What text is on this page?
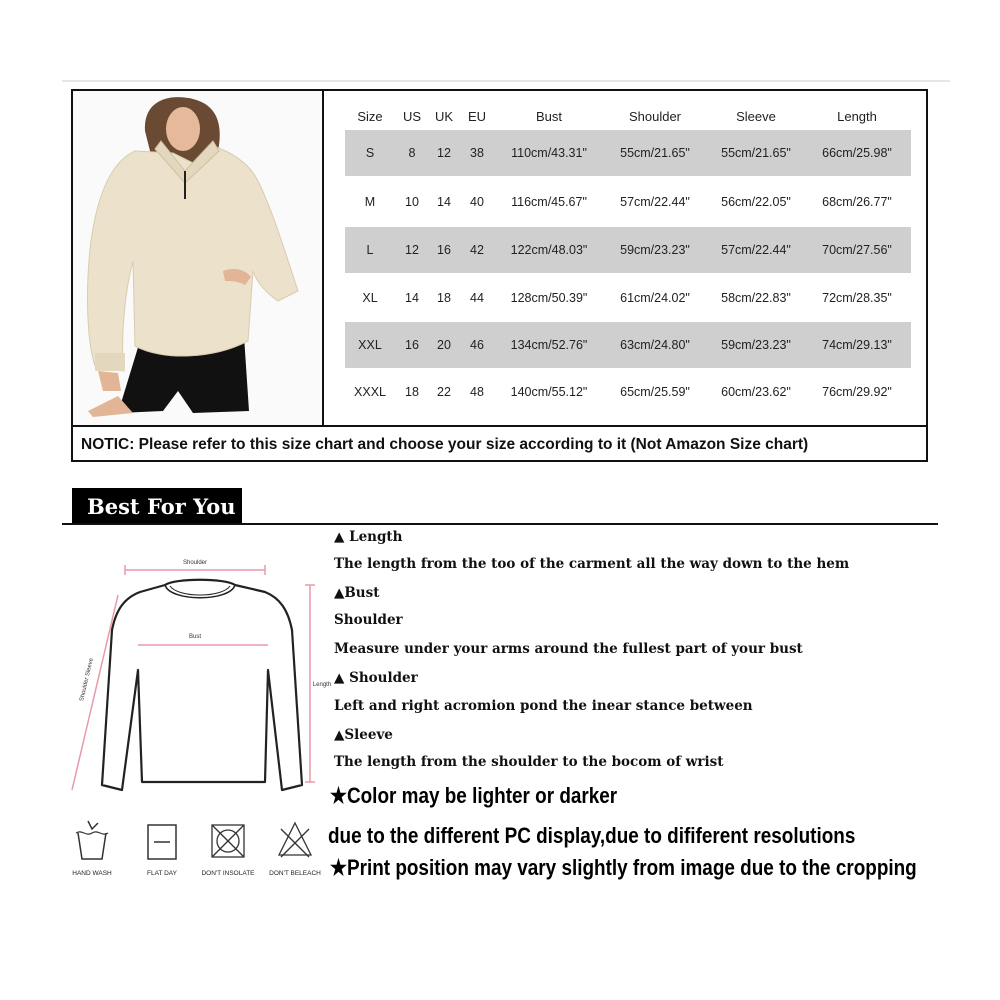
Size US UK EU	Bust	Shoulder	Sleeve	Length
S	8 12 38 110cm/43.31"	55cm/21.65" 55cm/21.65" 66cm/25.98"
M 10 14 40 116cm/45.67"	57cm/22.44" 56cm/22.05" 68cm/26.77"
L	12 16 42 122cm/48.03"	59cm/23.23" 57cm/22.44" 70cm/27.56"
XL 14 18 44 128cm/50.39"	61cm/24.02" 58cm/22.83" 72cm/28.35"
XXL 16 20 46 134cm/52.76"	63cm/24.80" 59cm/23.23" 74cm/29.13"
XXXL 18 22 48 140cm/55.12"	65cm/25.59" 60cm/23.62" 76cm/29.92"
NOTIC: Please refer to this size chart and choose your size according to it (Not Amazon Size chart)
Best For You
Shoulder
Bust
Shoulder Sleeve	Length
▲ Length
The length from the too of the carment all the way down to the hem
▲Bust
Shoulder
Measure under your arms around the fullest part of your bust
▲ Shoulder
Left and right acromion pond the inear stance between
▲Sleeve
The length from the shoulder to the bocom of wrist
★Color may be lighter or darker
due to the different PC display,due to dififerent resolutions
★Print position may vary slightly from image due to the cropping
HAND WASH	FLAT DAY	DON'T INSOLATE	DON'T BELEACH
